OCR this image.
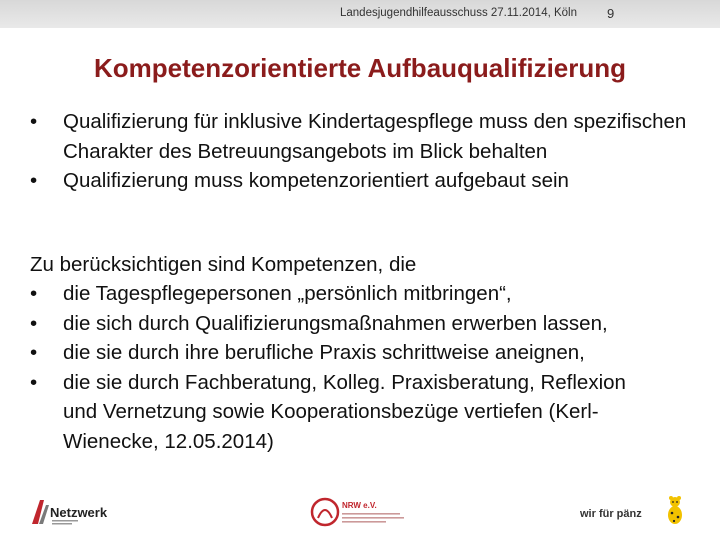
Landesjugendhilfeausschuss 27.11.2014, Köln 9
Kompetenzorientierte Aufbauqualifizierung
• Qualifizierung für inklusive Kindertagespflege muss den spezifischen Charakter des Betreuungsangebots im Blick behalten
• Qualifizierung muss kompetenzorientiert aufgebaut sein
Zu berücksichtigen sind Kompetenzen, die
• die Tagespflegepersonen „persönlich mitbringen“,
• die sich durch Qualifizierungsmaßnahmen erwerben lassen,
• die sie durch ihre berufliche Praxis schrittweise aneignen,
• die sie durch Fachberatung, Kolleg. Praxisberatung, Reflexion und Vernetzung sowie Kooperationsbezüge vertiefen (Kerl-Wienecke, 12.05.2014)
Netzwerk	NRW e.V.
wir für pänz
